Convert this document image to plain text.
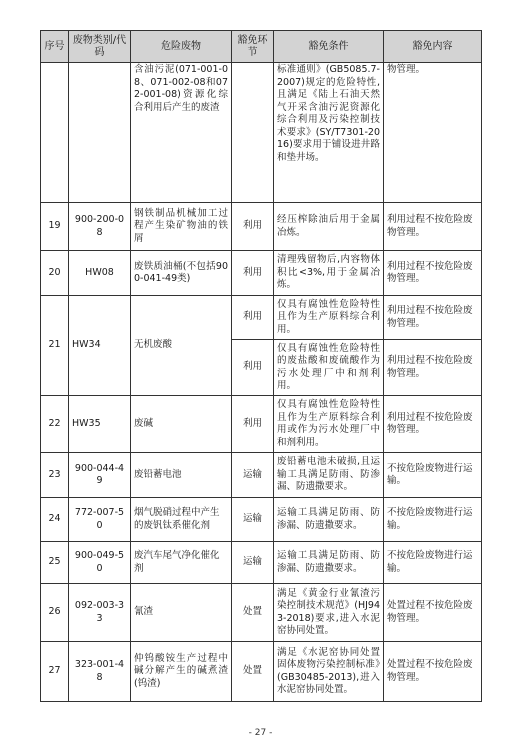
序号	废物类别/代码	危险废物	豁免环节	豁免条件	豁免内容
		含油污泥(071-001-08、071-002-08和072-001-08)资源化综合利用后产生的废渣		标准通则》(GB5085.7-2007)规定的危险特性,且满足《陆上石油天然气开采含油污泥资源化综合利用及污染控制技术要求》(SY/T7301-2016)要求用于铺设进井路和垫井场。	物管理。
19	900-200-08	钢铁制品机械加工过程产生染矿物油的铁屑	利用	经压榨除油后用于金属冶炼。	利用过程不按危险废物管理。
20	HW08	废铁质油桶(不包括900-041-49类)	利用	清理残留物后,内容物体积比<3%,用于金属冶炼。	利用过程不按危险废物管理。
21	HW34	无机废酸	利用	仅具有腐蚀性危险特性且作为生产原料综合利用。	利用过程不按危险废物管理。
			利用	仅具有腐蚀性危险特性的废盐酸和废硫酸作为污水处理厂中和剂利用。	利用过程不按危险废物管理。
22	HW35	废碱	利用	仅具有腐蚀性危险特性且作为生产原料综合利用或作为污水处理厂中和剂利用。	利用过程不按危险废物管理。
23	900-044-49	废铅蓄电池	运输	废铅蓄电池未破损,且运输工具满足防雨、防渗漏、防遗撒要求。	不按危险废物进行运输。
24	772-007-50	烟气脱硝过程中产生的废钒钛系催化剂	运输	运输工具满足防雨、防渗漏、防遗撒要求。	不按危险废物进行运输。
25	900-049-50	废汽车尾气净化催化剂	运输	运输工具满足防雨、防渗漏、防遗撒要求。	不按危险废物进行运输。
26	092-003-33	氰渣	处置	满足《黄金行业氰渣污染控制技术规范》(HJ943-2018)要求,进入水泥窑协同处置。	处置过程不按危险废物管理。
27	323-001-48	仲钨酸铵生产过程中碱分解产生的碱煮渣(钨渣)	处置	满足《水泥窑协同处置固体废物污染控制标准》(GB30485-2013),进入水泥窑协同处置。	处置过程不按危险废物管理。
- 27 -
